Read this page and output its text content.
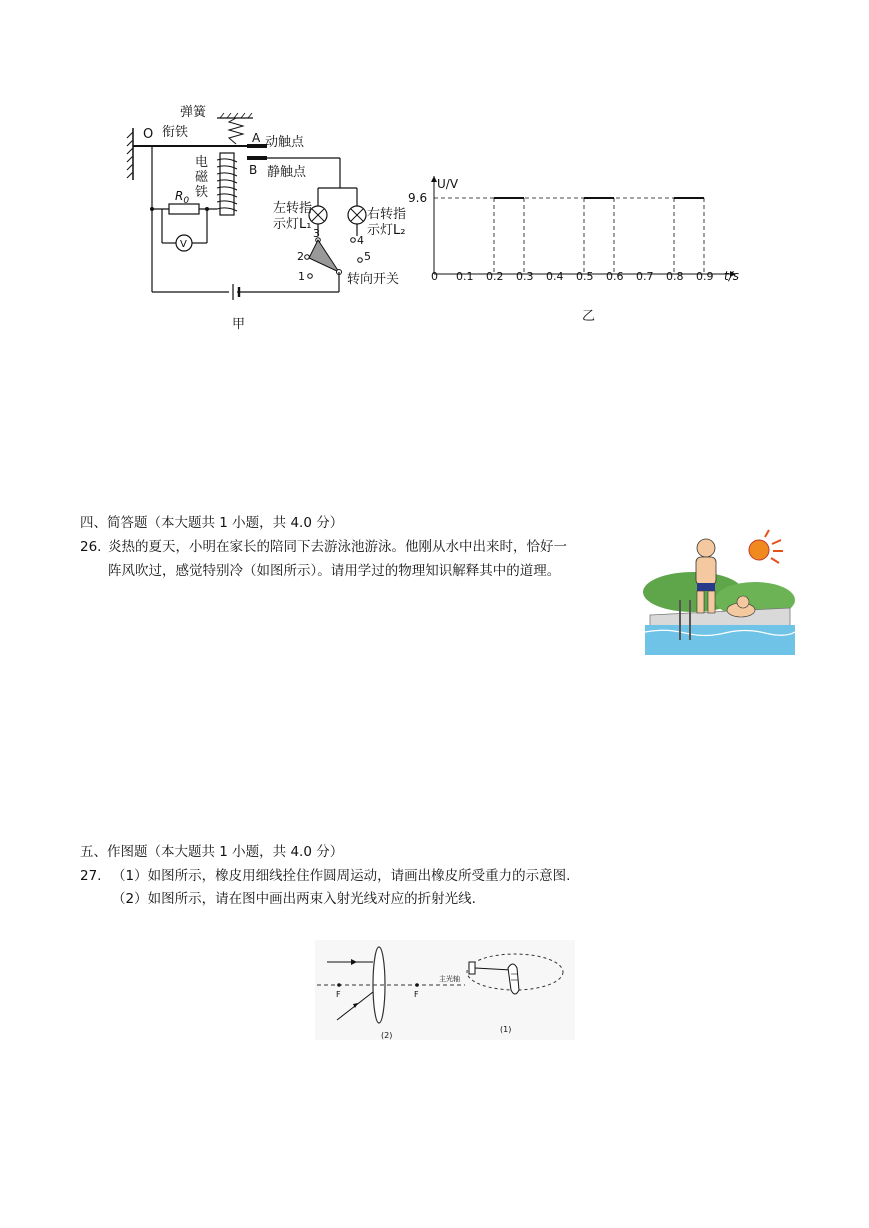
O
V
弹簧
衔铁	A 动触点
B 静触点
电
磁
铁
$R_0$	左转指
示灯L₁
右转指
示灯L₂
1
2
3
4
5
转向开关
甲
U/V
t/s
9.6
0 0.1 0.2 0.3 0.4 0.5 0.6 0.7 0.8 0.9
乙
四、简答题（本大题共 1 小题，共 4.0 分）
26. 炎热的夏天，小明在家长的陪同下去游泳池游泳。他刚从水中出来时，恰好一
阵风吹过，感觉特别冷（如图所示）。请用学过的物理知识解释其中的道理。
五、作图题（本大题共 1 小题，共 4.0 分）
27. （1）如图所示，橡皮用细线拴住作圆周运动，请画出橡皮所受重力的示意图.
（2）如图所示，请在图中画出两束入射光线对应的折射光线.
F	F
主光轴
(2)
(1)
